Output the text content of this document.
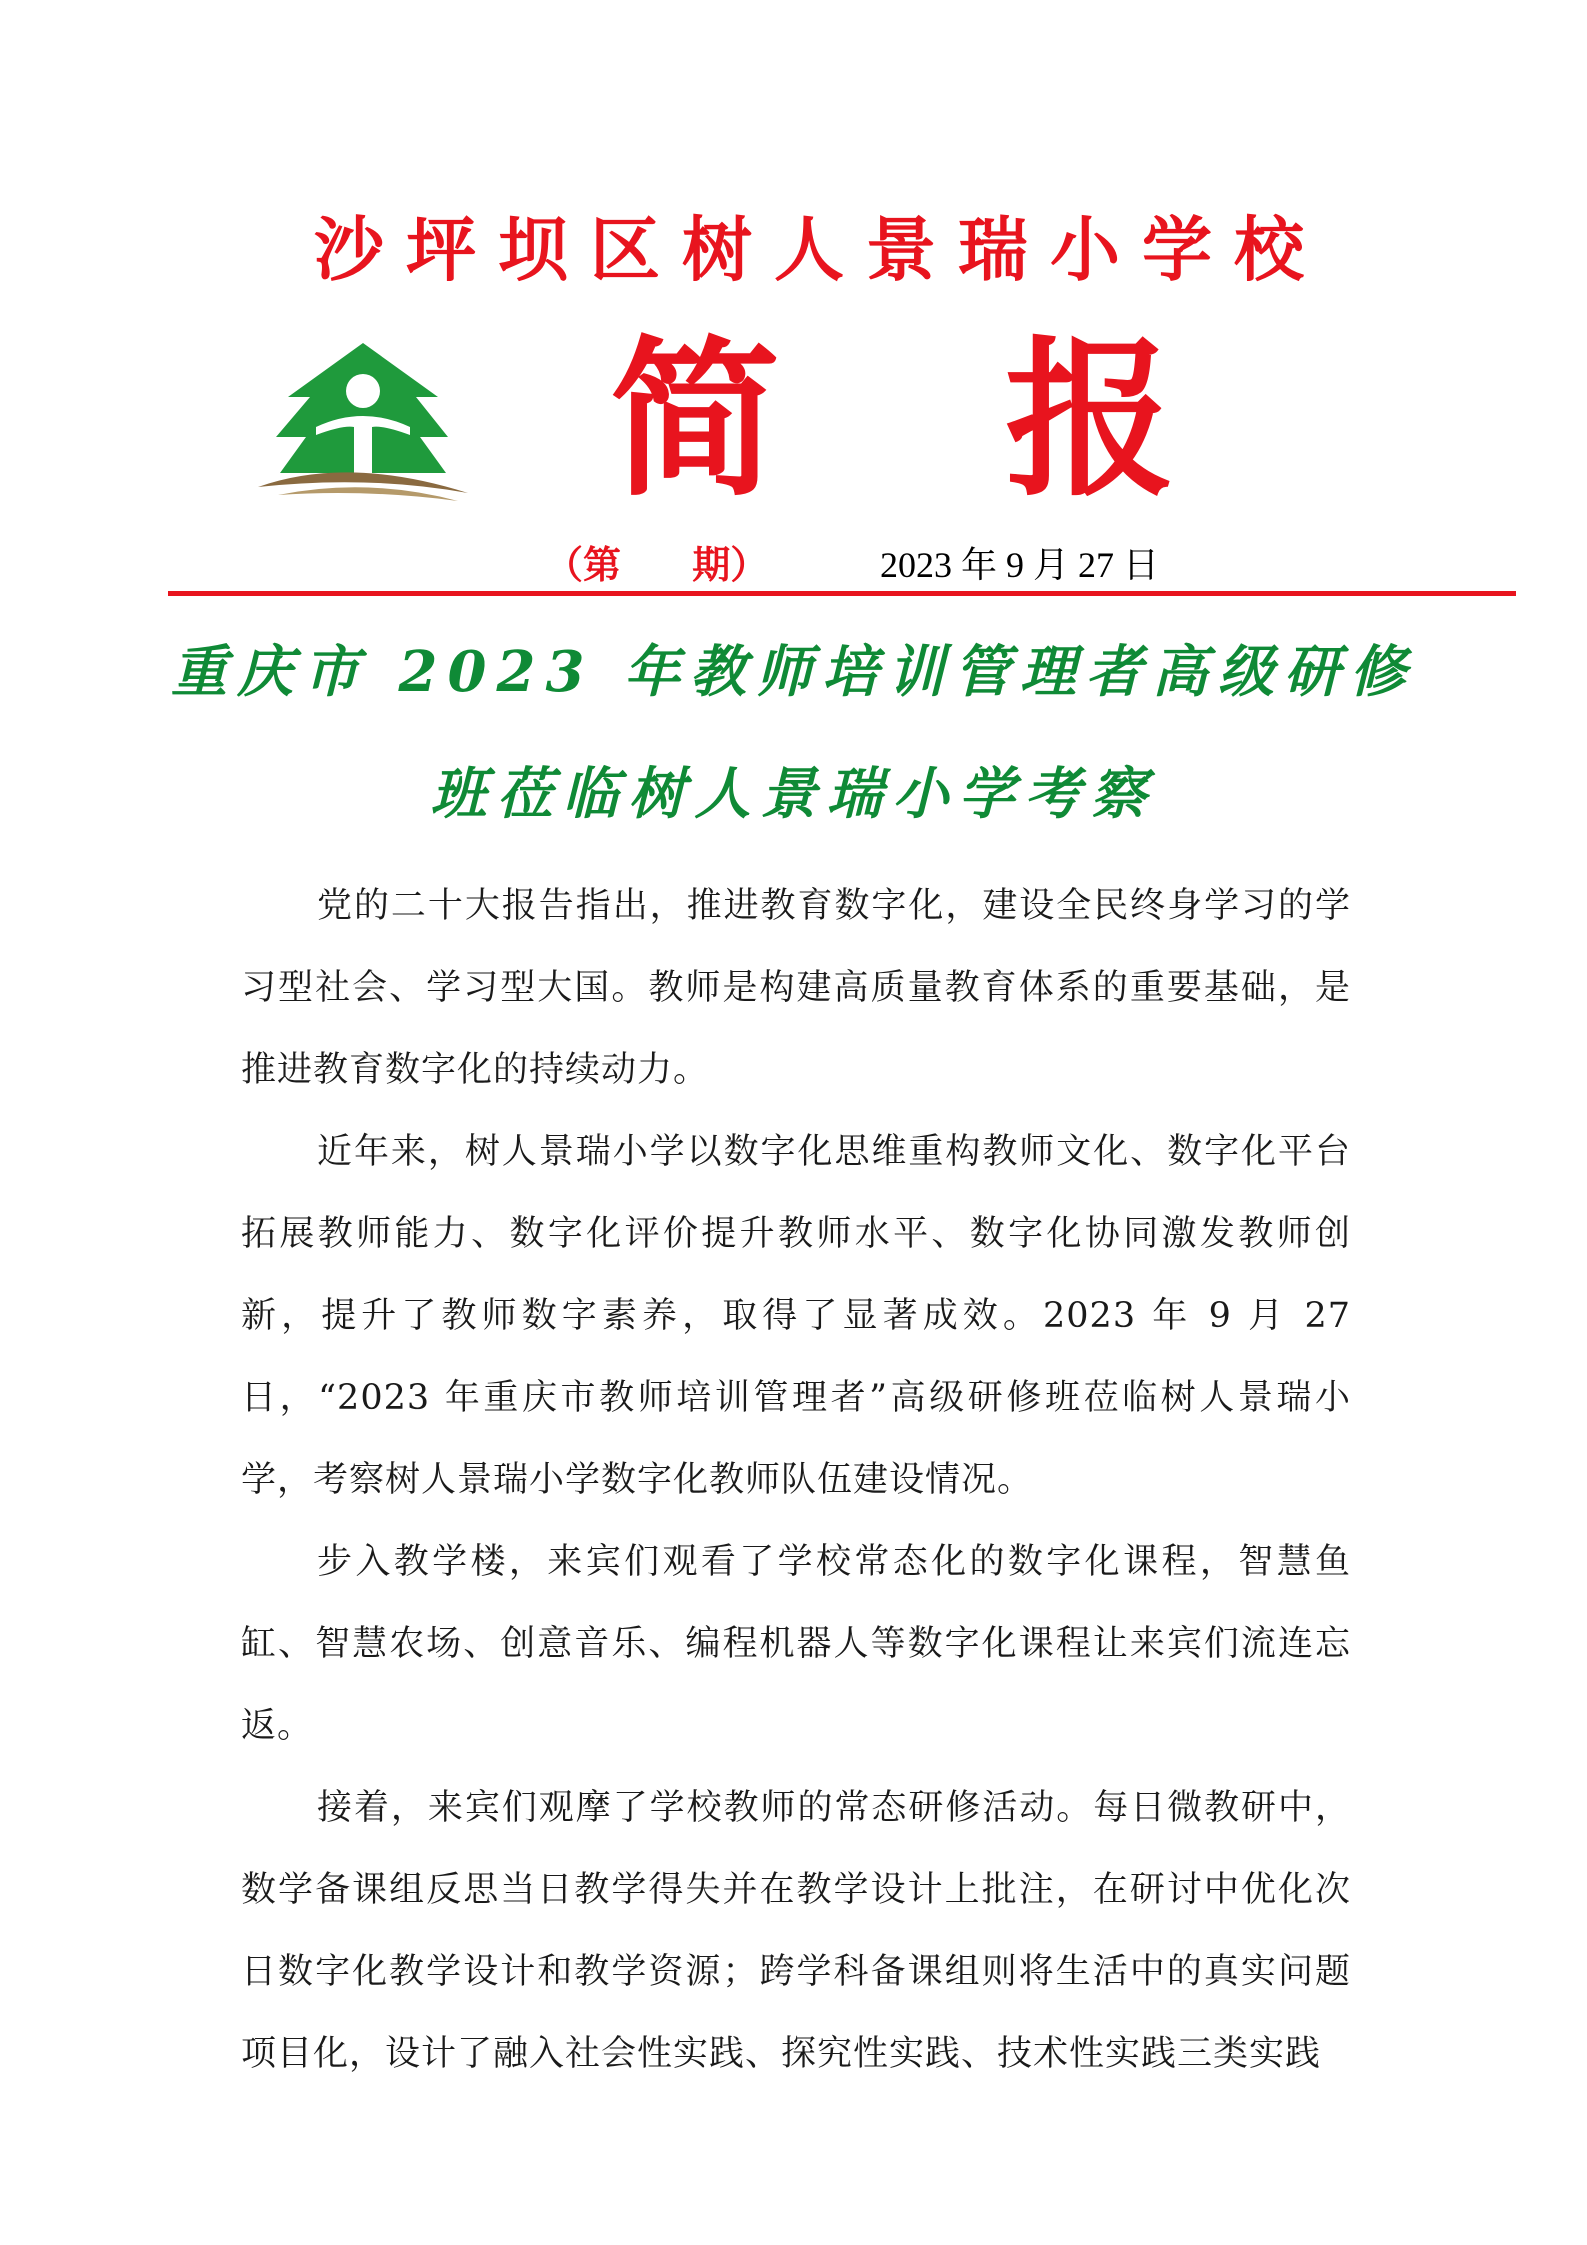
沙坪坝区树人景瑞小学校
简 报
（第 期）	2023 年 9 月 27 日
重庆市 2023 年教师培训管理者高级研修
班莅临树人景瑞小学考察

党的二十大报告指出，推进教育数字化，建设全民终身学习的学习型社会、学习型大国。教师是构建高质量教育体系的重要基础，是推进教育数字化的持续动力。

近年来，树人景瑞小学以数字化思维重构教师文化、数字化平台拓展教师能力、数字化评价提升教师水平、数字化协同激发教师创新，提升了教师数字素养，取得了显著成效。2023 年 9 月 27 日，“2023 年重庆市教师培训管理者”高级研修班莅临树人景瑞小学，考察树人景瑞小学数字化教师队伍建设情况。

步入教学楼，来宾们观看了学校常态化的数字化课程，智慧鱼缸、智慧农场、创意音乐、编程机器人等数字化课程让来宾们流连忘返。

接着，来宾们观摩了学校教师的常态研修活动。每日微教研中，数学备课组反思当日教学得失并在教学设计上批注，在研讨中优化次日数字化教学设计和教学资源；跨学科备课组则将生活中的真实问题项目化，设计了融入社会性实践、探究性实践、技术性实践三类实践
